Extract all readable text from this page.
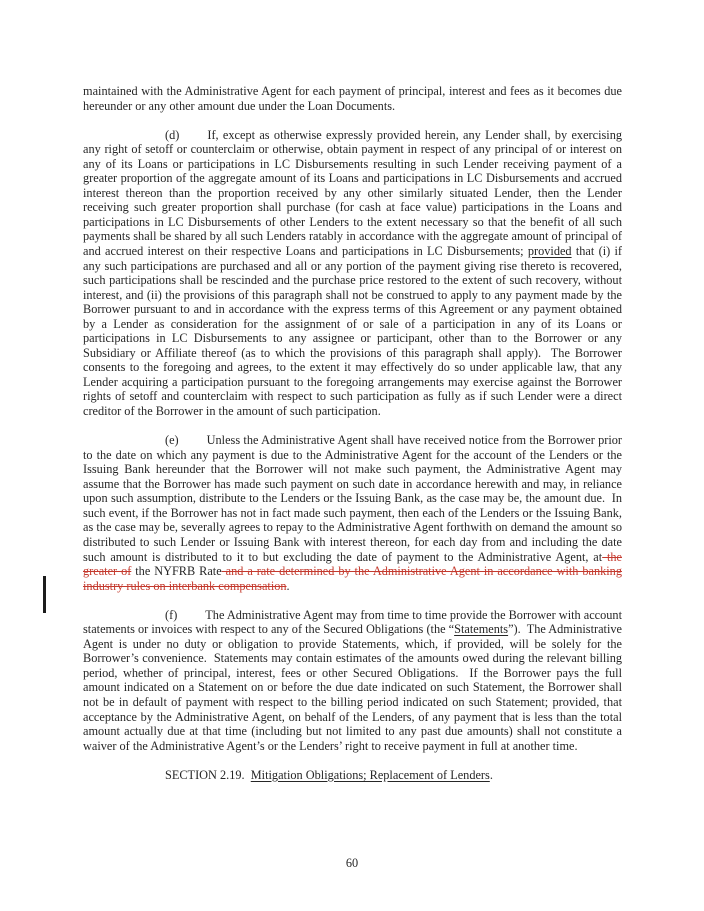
maintained with the Administrative Agent for each payment of principal, interest and fees as it becomes due hereunder or any other amount due under the Loan Documents.

(d) If, except as otherwise expressly provided herein, any Lender shall, by exercising any right of setoff or counterclaim or otherwise, obtain payment in respect of any principal of or interest on any of its Loans or participations in LC Disbursements resulting in such Lender receiving payment of a greater proportion of the aggregate amount of its Loans and participations in LC Disbursements and accrued interest thereon than the proportion received by any other similarly situated Lender, then the Lender receiving such greater proportion shall purchase (for cash at face value) participations in the Loans and participations in LC Disbursements of other Lenders to the extent necessary so that the benefit of all such payments shall be shared by all such Lenders ratably in accordance with the aggregate amount of principal of and accrued interest on their respective Loans and participations in LC Disbursements; provided that (i) if any such participations are purchased and all or any portion of the payment giving rise thereto is recovered, such participations shall be rescinded and the purchase price restored to the extent of such recovery, without interest, and (ii) the provisions of this paragraph shall not be construed to apply to any payment made by the Borrower pursuant to and in accordance with the express terms of this Agreement or any payment obtained by a Lender as consideration for the assignment of or sale of a participation in any of its Loans or participations in LC Disbursements to any assignee or participant, other than to the Borrower or any Subsidiary or Affiliate thereof (as to which the provisions of this paragraph shall apply).  The Borrower consents to the foregoing and agrees, to the extent it may effectively do so under applicable law, that any Lender acquiring a participation pursuant to the foregoing arrangements may exercise against the Borrower rights of setoff and counterclaim with respect to such participation as fully as if such Lender were a direct creditor of the Borrower in the amount of such participation.

(e) Unless the Administrative Agent shall have received notice from the Borrower prior to the date on which any payment is due to the Administrative Agent for the account of the Lenders or the Issuing Bank hereunder that the Borrower will not make such payment, the Administrative Agent may assume that the Borrower has made such payment on such date in accordance herewith and may, in reliance upon such assumption, distribute to the Lenders or the Issuing Bank, as the case may be, the amount due.  In such event, if the Borrower has not in fact made such payment, then each of the Lenders or the Issuing Bank, as the case may be, severally agrees to repay to the Administrative Agent forthwith on demand the amount so distributed to such Lender or Issuing Bank with interest thereon, for each day from and including the date such amount is distributed to it to but excluding the date of payment to the Administrative Agent, at the greater of the NYFRB Rate and a rate determined by the Administrative Agent in accordance with banking industry rules on interbank compensation.

(f) The Administrative Agent may from time to time provide the Borrower with account statements or invoices with respect to any of the Secured Obligations (the “Statements”).  The Administrative Agent is under no duty or obligation to provide Statements, which, if provided, will be solely for the Borrower’s convenience.  Statements may contain estimates of the amounts owed during the relevant billing period, whether of principal, interest, fees or other Secured Obligations.  If the Borrower pays the full amount indicated on a Statement on or before the due date indicated on such Statement, the Borrower shall not be in default of payment with respect to the billing period indicated on such Statement; provided, that acceptance by the Administrative Agent, on behalf of the Lenders, of any payment that is less than the total amount actually due at that time (including but not limited to any past due amounts) shall not constitute a waiver of the Administrative Agent’s or the Lenders’ right to receive payment in full at another time.

SECTION 2.19.  Mitigation Obligations; Replacement of Lenders.

60
